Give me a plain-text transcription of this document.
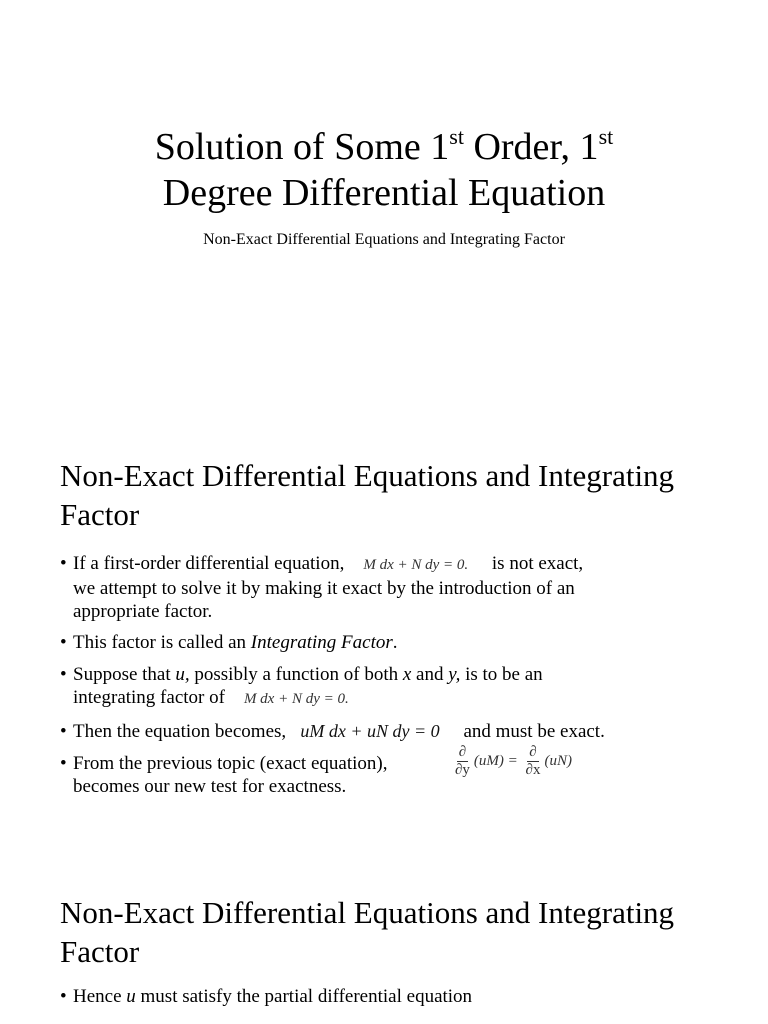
Solution of Some 1st Order, 1st
Degree Differential Equation
Non-Exact Differential Equations and Integrating Factor
Non-Exact Differential Equations and Integrating Factor
• If a first-order differential equation, M dx + N dy = 0. is not exact,
we attempt to solve it by making it exact by the introduction of an
appropriate factor.
• This factor is called an Integrating Factor.
• Suppose that u, possibly a function of both x and y, is to be an
integrating factor of M dx + N dy = 0.
• Then the equation becomes, uM dx + uN dy = 0 and must be exact.
• From the previous topic (exact equation),
becomes our new test for exactness.
$\frac{\partial}{\partial y} (uM) = \frac{\partial}{\partial x} (uN)$
Non-Exact Differential Equations and Integrating Factor
• Hence u must satisfy the partial differential equation
